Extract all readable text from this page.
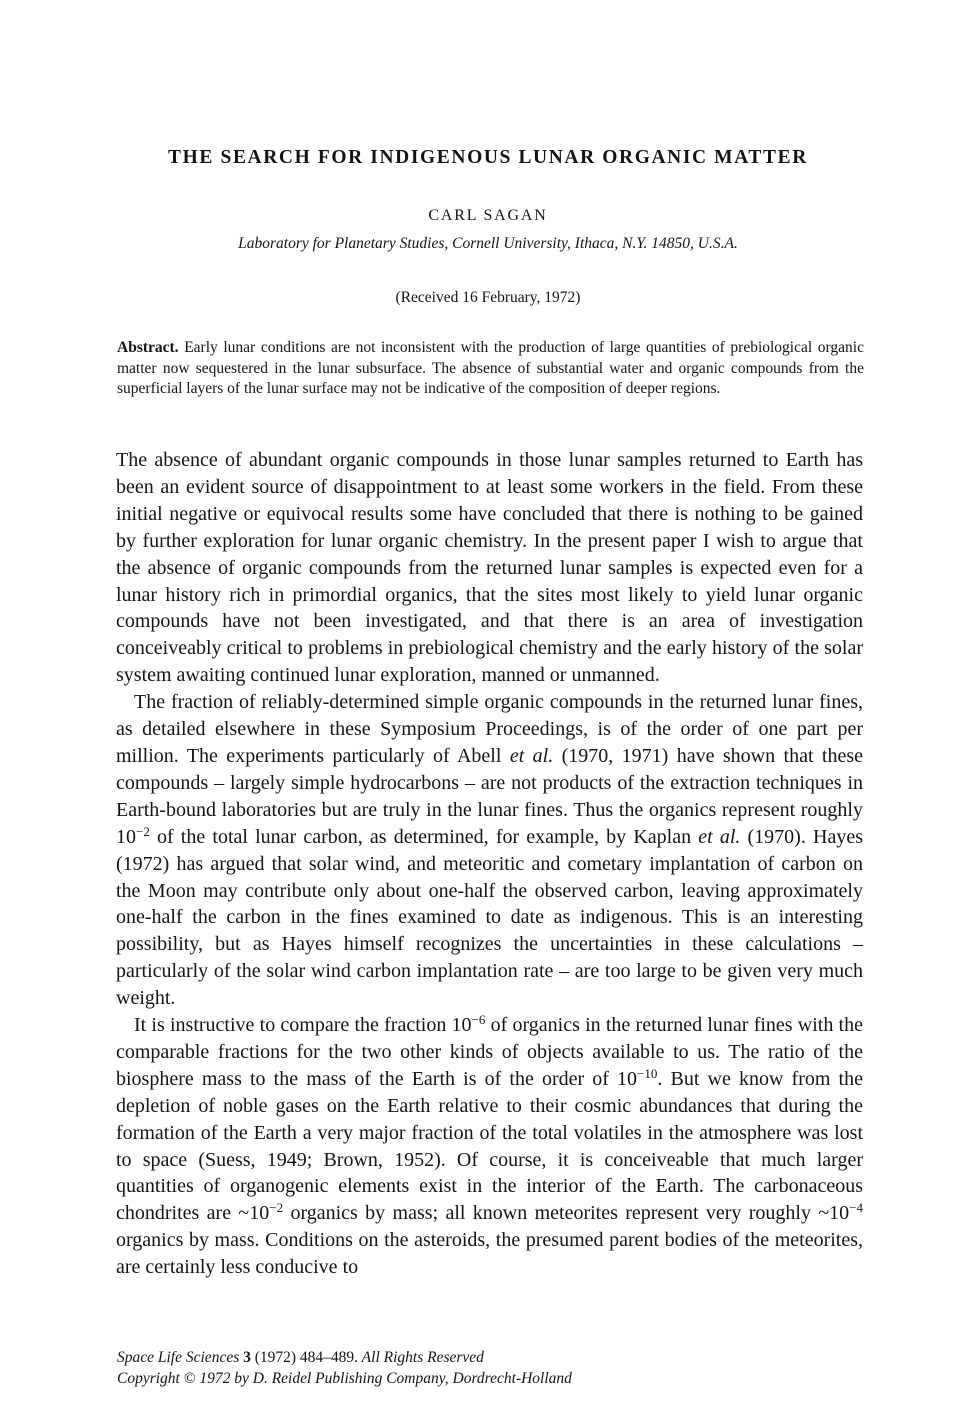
THE SEARCH FOR INDIGENOUS LUNAR ORGANIC MATTER
CARL SAGAN
Laboratory for Planetary Studies, Cornell University, Ithaca, N.Y. 14850, U.S.A.
(Received 16 February, 1972)
Abstract. Early lunar conditions are not inconsistent with the production of large quantities of prebiological organic matter now sequestered in the lunar subsurface. The absence of substantial water and organic compounds from the superficial layers of the lunar surface may not be indicative of the composition of deeper regions.

The absence of abundant organic compounds in those lunar samples returned to Earth has been an evident source of disappointment to at least some workers in the field. From these initial negative or equivocal results some have concluded that there is nothing to be gained by further exploration for lunar organic chemistry. In the present paper I wish to argue that the absence of organic compounds from the returned lunar samples is expected even for a lunar history rich in primordial organics, that the sites most likely to yield lunar organic compounds have not been investigated, and that there is an area of investigation conceiveably critical to problems in prebiological chemistry and the early history of the solar system awaiting continued lunar exploration, manned or unmanned.

The fraction of reliably-determined simple organic compounds in the returned lunar fines, as detailed elsewhere in these Symposium Proceedings, is of the order of one part per million. The experiments particularly of Abell et al. (1970, 1971) have shown that these compounds – largely simple hydrocarbons – are not products of the extraction techniques in Earth-bound laboratories but are truly in the lunar fines. Thus the organics represent roughly $10^{-2}$ of the total lunar carbon, as determined, for example, by Kaplan et al. (1970). Hayes (1972) has argued that solar wind, and meteoritic and cometary implantation of carbon on the Moon may contribute only about one-half the observed carbon, leaving approximately one-half the carbon in the fines examined to date as indigenous. This is an interesting possibility, but as Hayes himself recognizes the uncertainties in these calculations – particularly of the solar wind carbon implantation rate – are too large to be given very much weight.

It is instructive to compare the fraction $10^{-6}$ of organics in the returned lunar fines with the comparable fractions for the two other kinds of objects available to us. The ratio of the biosphere mass to the mass of the Earth is of the order of $10^{-10}$. But we know from the depletion of noble gases on the Earth relative to their cosmic abundances that during the formation of the Earth a very major fraction of the total volatiles in the atmosphere was lost to space (Suess, 1949; Brown, 1952). Of course, it is conceiveable that much larger quantities of organogenic elements exist in the interior of the Earth. The carbonaceous chondrites are $\sim 10^{-2}$ organics by mass; all known meteorites represent very roughly $\sim 10^{-4}$ organics by mass. Conditions on the asteroids, the presumed parent bodies of the meteorites, are certainly less conducive to

Space Life Sciences 3 (1972) 484–489. All Rights Reserved
Copyright © 1972 by D. Reidel Publishing Company, Dordrecht-Holland
